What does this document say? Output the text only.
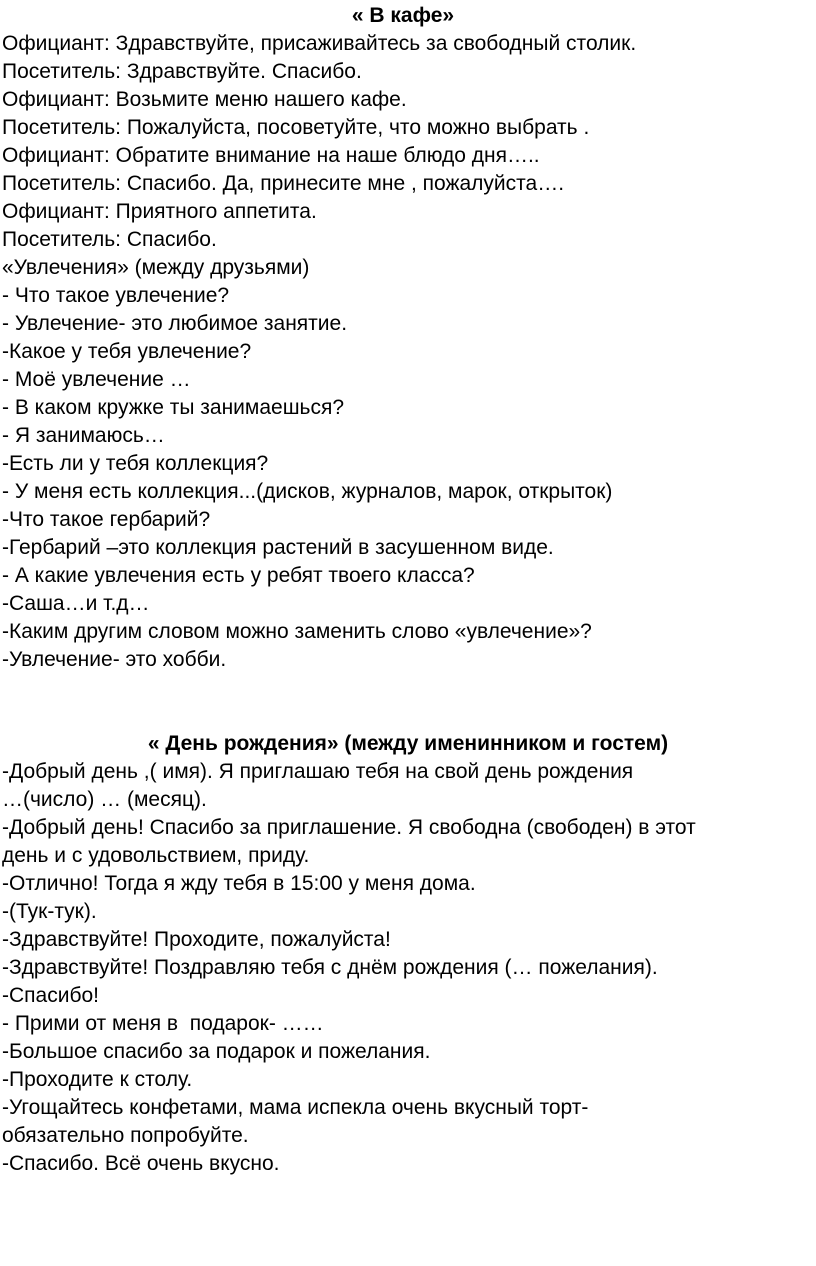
« В кафе»
Официант: Здравствуйте, присаживайтесь за свободный столик.
Посетитель: Здравствуйте. Спасибо.
Официант: Возьмите меню нашего кафе.
Посетитель: Пожалуйста, посоветуйте, что можно выбрать .
Официант: Обратите внимание на наше блюдо дня…..
Посетитель: Спасибо. Да, принесите мне , пожалуйста….
Официант: Приятного аппетита.
Посетитель: Спасибо.
«Увлечения» (между друзьями)
- Что такое увлечение?
- Увлечение- это любимое занятие.
-Какое у тебя увлечение?
- Моё увлечение …
- В каком кружке ты занимаешься?
- Я занимаюсь…
-Есть ли у тебя коллекция?
- У меня есть коллекция...(дисков, журналов, марок, открыток)
-Что такое гербарий?
-Гербарий –это коллекция растений в засушенном виде.
- А какие увлечения есть у ребят твоего класса?
-Саша…и т.д…
-Каким другим словом можно заменить слово «увлечение»?
-Увлечение- это хобби.
« День рождения» (между именинником и гостем)
-Добрый день ,( имя). Я приглашаю тебя на свой день рождения
…(число) … (месяц).
-Добрый день! Спасибо за приглашение. Я свободна (свободен) в этот
день и с удовольствием, приду.
-Отлично! Тогда я жду тебя в 15:00 у меня дома.
-(Тук-тук).
-Здравствуйте! Проходите, пожалуйста!
-Здравствуйте! Поздравляю тебя с днём рождения (… пожелания).
-Спасибо!
- Прими от меня в  подарок- ……
-Большое спасибо за подарок и пожелания.
-Проходите к столу.
-Угощайтесь конфетами, мама испекла очень вкусный торт-
обязательно попробуйте.
-Спасибо. Всё очень вкусно.
